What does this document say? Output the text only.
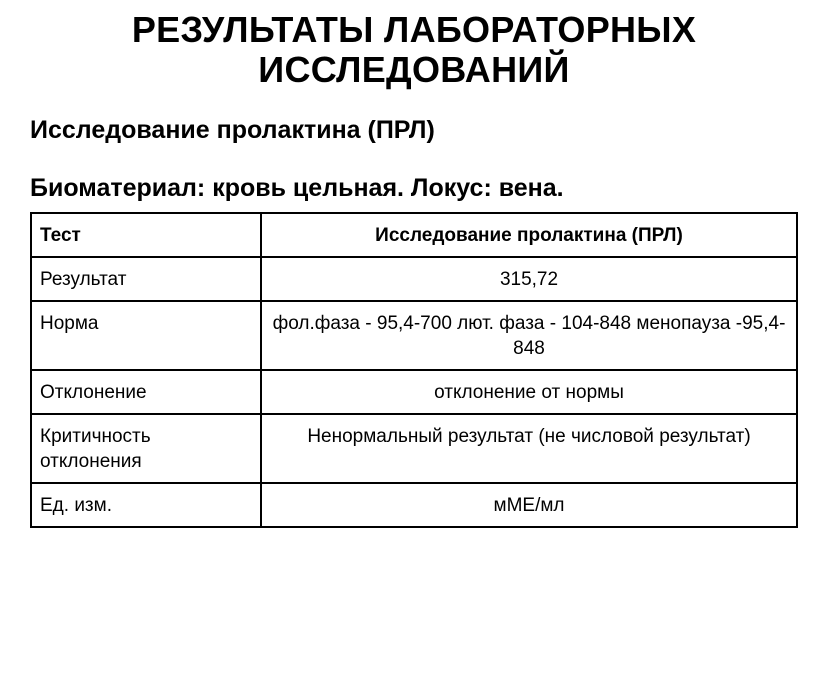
РЕЗУЛЬТАТЫ ЛАБОРАТОРНЫХ
ИССЛЕДОВАНИЙ
Исследование пролактина (ПРЛ)
Биоматериал: кровь цельная. Локус: вена.
Тест	Исследование пролактина (ПРЛ)
Результат	315,72
Норма	фол.фаза - 95,4-700 лют. фаза - 104-848 менопауза -95,4-848
Отклонение	отклонение от нормы
Критичность отклонения	Ненормальный результат (не числовой результат)
Ед. изм.	мМЕ/мл
